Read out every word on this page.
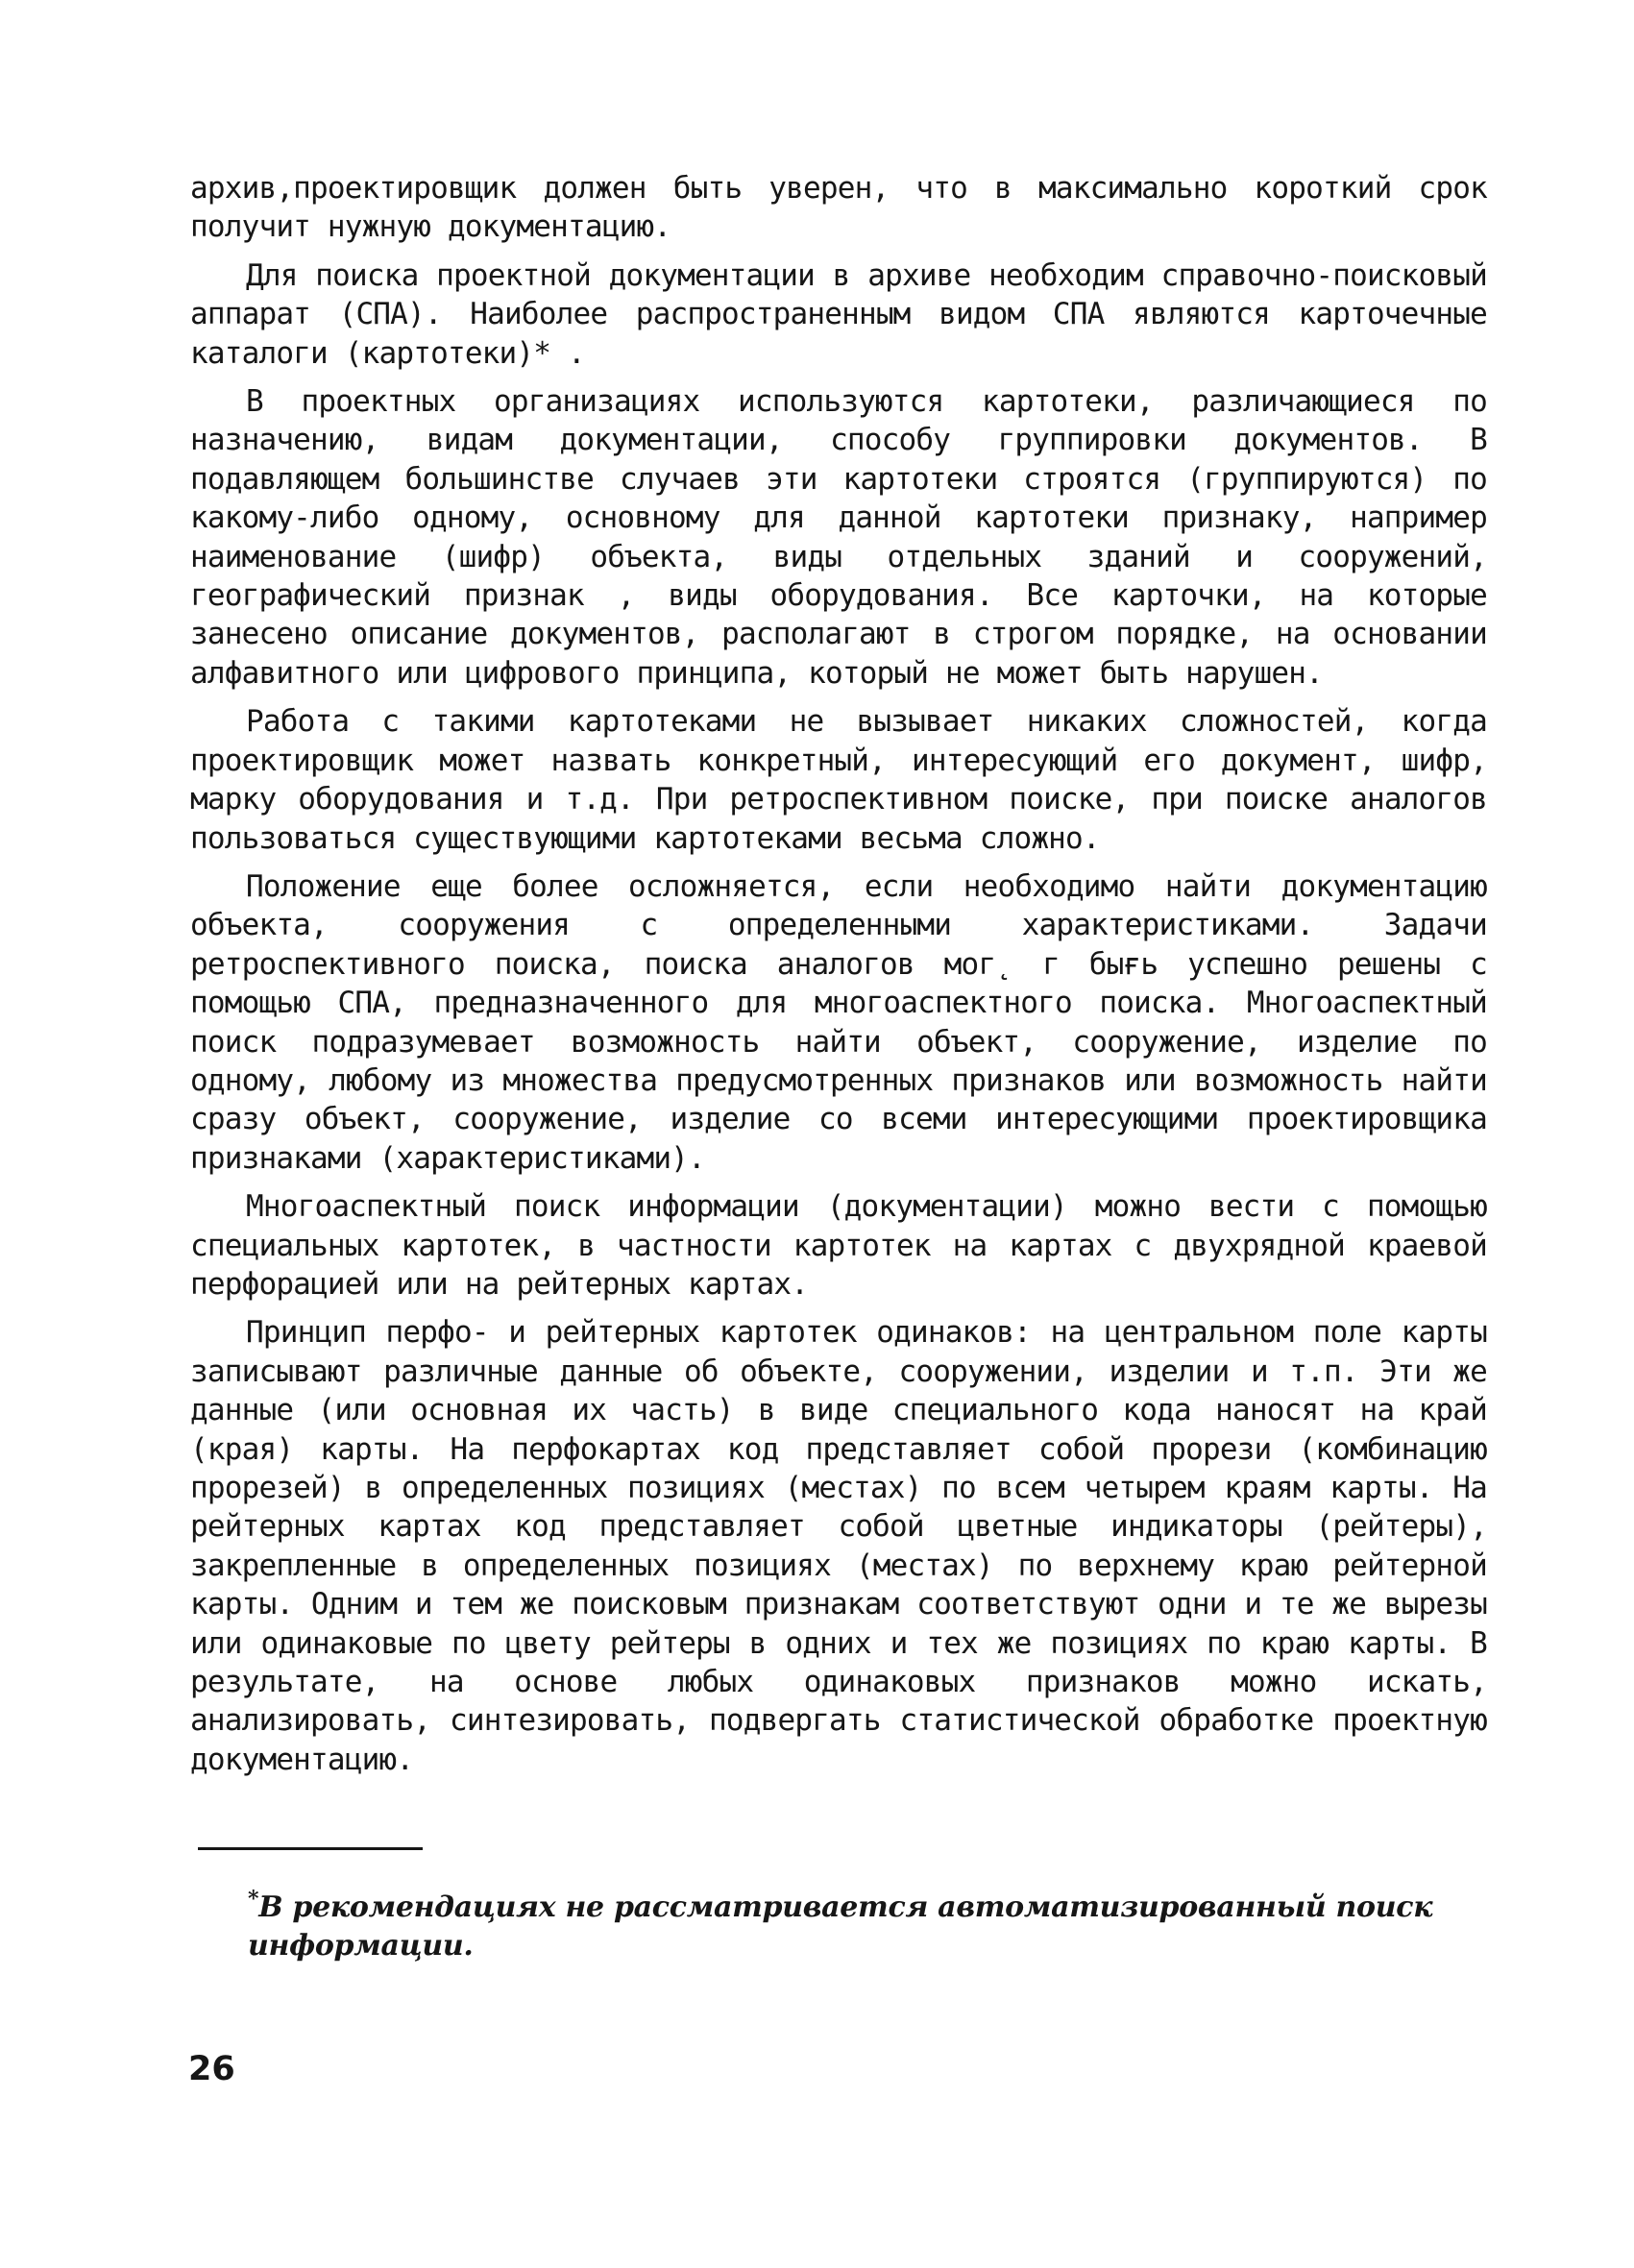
архив,проектировщик должен быть уверен, что в максимально короткий срок получит нужную документацию.

Для поиска проектной документации в архиве необходим справочно-поисковый аппарат (СПА). Наиболее распространенным видом СПА являются карточечные каталоги (картотеки)* .

В проектных организациях используются картотеки, различающиеся по назначению, видам документации, способу группировки документов. В подавляющем большинстве случаев эти картотеки строятся (группируются) по какому-либо одному, основному для данной картотеки признаку, например наименование (шифр) объекта, виды отдельных зданий и сооружений, географический признак , виды оборудования. Все карточки, на которые занесено описание документов, располагают в строгом порядке, на основании алфавитного или цифрового принципа, который не может быть нарушен.

Работа с такими картотеками не вызывает никаких сложностей, когда проектировщик может назвать конкретный, интересующий его документ, шифр, марку оборудования и т.д. При ретроспективном поиске, при поиске аналогов пользоваться существующими картотеками весьма сложно.

Положение еще более осложняется, если необходимо найти документацию объекта, сооружения с определенными характеристиками. Задачи ретроспективного поиска, поиска аналогов мог˛ г бығь успешно решены с помощью СПА, предназначенного для многоаспектного поиска. Многоаспектный поиск подразумевает возможность найти объект, сооружение, изделие по одному, любому из множества предусмотренных признаков или возможность найти сразу объект, сооружение, изделие со всеми интересующими проектировщика признаками (характеристиками).

Многоаспектный поиск информации (документации) можно вести с помощью специальных картотек, в частности картотек на картах с двухрядной краевой перфорацией или на рейтерных картах.

Принцип перфо- и рейтерных картотек одинаков: на центральном поле карты записывают различные данные об объекте, сооружении, изделии и т.п. Эти же данные (или основная их часть) в виде специального кода наносят на край (края) карты. На перфокартах код представляет собой прорези (комбинацию прорезей) в определенных позициях (местах) по всем четырем краям карты. На рейтерных картах код представляет собой цветные индикаторы (рейтеры), закрепленные в определенных позициях (местах) по верхнему краю рейтерной карты. Одним и тем же поисковым признакам соответствуют одни и те же вырезы или одинаковые по цвету рейтеры в одних и тех же позициях по краю карты. В результате, на основе любых одинаковых признаков можно искать, анализировать, синтезировать, подвергать статистической обработке проектную документацию.

*В рекомендациях не рассматривается автоматизированный поиск информации.
26
